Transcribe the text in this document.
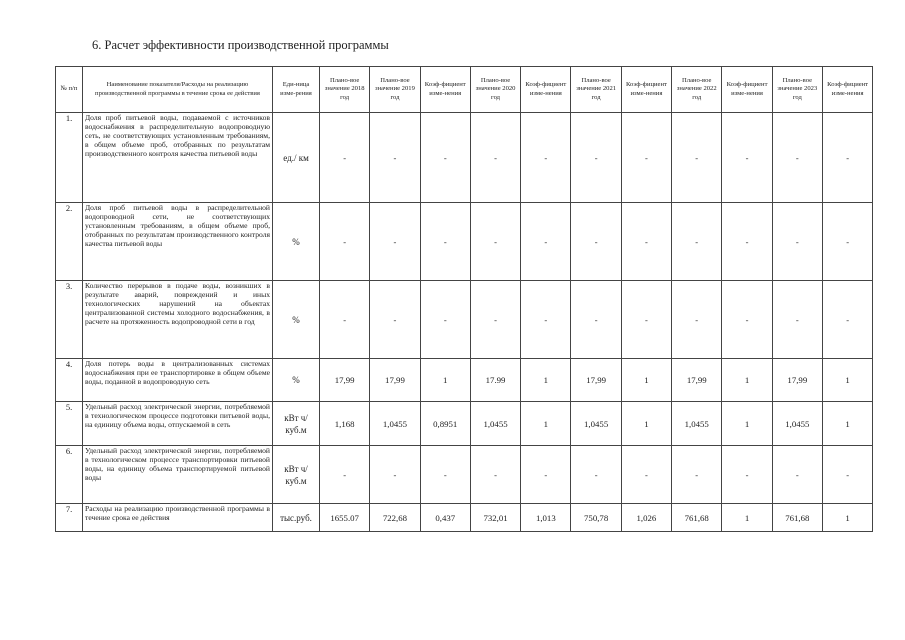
6. Расчет эффективности производственной программы
№ п/п	Наименование показателя/Расходы на реализацию производственной программы в течение срока ее действия	Еди-ница изме-рения	Плано-вое значение 2018 год	Плано-вое значение 2019 год	Коэф-фициент изме-нения	Плано-вое значение 2020 год	Коэф-фициент изме-нения	Плано-вое значение 2021 год	Коэф-фициент изме-нения	Плано-вое значение 2022 год	Коэф-фициент изме-нения	Плано-вое значение 2023 год	Коэф-фициент изме-нения
1.	Доля проб питьевой воды, подаваемой с источников водоснабжения в распределительную водопроводную сеть, не соответствующих установленным требованиям, в общем объеме проб, отобранных по результатам производственного контроля качества питьевой воды	ед./ км	-	-	-	-	-	-	-	-	-	-	-
2.	Доля проб питьевой воды в распределительной водопроводной сети, не соответствующих установленным требованиям, в общем объеме проб, отобранных по результатам производственного контроля качества питьевой воды	%	-	-	-	-	-	-	-	-	-	-	-
3.	Количество перерывов в подаче воды, возникших в результате аварий, повреждений и иных технологических нарушений на объектах централизованной системы холодного водоснабжения, в расчете на протяженность водопроводной сети в год	%	-	-	-	-	-	-	-	-	-	-	-
4.	Доля потерь воды в централизованных системах водоснабжения при ее транспортировке в общем объеме воды, поданной в водопроводную сеть	%	17,99	17,99	1	17.99	1	17,99	1	17,99	1	17,99	1
5.	Удельный расход электрической энергии, потребляемой в технологическом процессе подготовки питьевой воды, на единицу объема воды, отпускаемой в сеть	кВт ч/куб.м	1,168	1,0455	0,8951	1,0455	1	1,0455	1	1,0455	1	1,0455	1
6.	Удельный расход электрической энергии, потребляемой в технологическом процессе транспортировки питьевой воды, на единицу объема транспортируемой питьевой воды	кВт ч/куб.м	-	-	-	-	-	-	-	-	-	-	-
7.	Расходы на реализацию производственной программы в течение срока ее действия	тыс.руб.	1655.07	722,68	0,437	732,01	1,013	750,78	1,026	761,68	1	761,68	1
